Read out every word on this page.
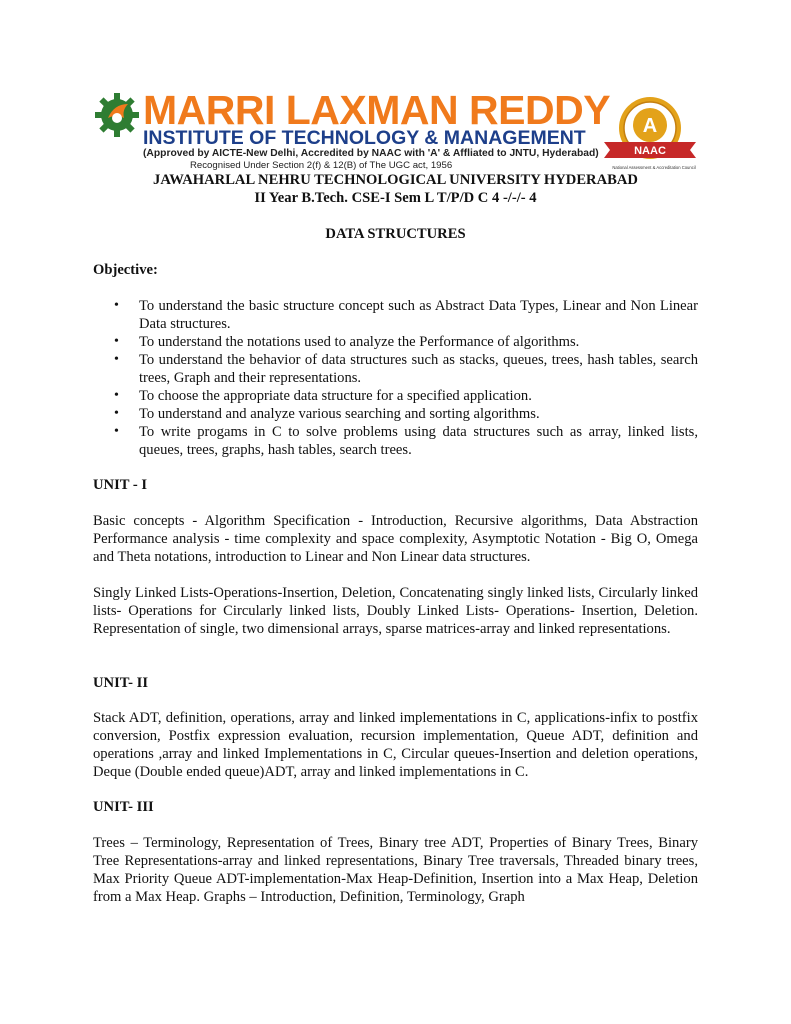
MARRI LAXMAN REDDY
INSTITUTE OF TECHNOLOGY & MANAGEMENT
(Approved by AICTE-New Delhi, Accredited by NAAC with 'A' & Affliated to JNTU, Hyderabad)
Recognised Under Section 2(f) & 12(B) of The UGC act, 1956
A
NAAC
National Assessment & Accreditation Council
JAWAHARLAL NEHRU TECHNOLOGICAL UNIVERSITY HYDERABAD
II Year B.Tech. CSE-I Sem L T/P/D C 4 -/-/- 4
DATA STRUCTURES
Objective:
• To understand the basic structure concept such as Abstract Data Types, Linear and Non Linear Data structures.
• To understand the notations used to analyze the Performance of algorithms.
• To understand the behavior of data structures such as stacks, queues, trees, hash tables, search trees, Graph and their representations.
• To choose the appropriate data structure for a specified application.
• To understand and analyze various searching and sorting algorithms.
• To write progams in C to solve problems using data structures such as array, linked lists, queues, trees, graphs, hash tables, search trees.
UNIT - I

Basic concepts - Algorithm Specification - Introduction, Recursive algorithms, Data Abstraction Performance analysis - time complexity and space complexity, Asymptotic Notation - Big O, Omega and Theta notations, introduction to Linear and Non Linear data structures.

Singly Linked Lists-Operations-Insertion, Deletion, Concatenating singly linked lists, Circularly linked lists- Operations for Circularly linked lists, Doubly Linked Lists- Operations- Insertion, Deletion. Representation of single, two dimensional arrays, sparse matrices-array and linked representations.

UNIT- II

Stack ADT, definition, operations, array and linked implementations in C, applications-infix to postfix conversion, Postfix expression evaluation, recursion implementation, Queue ADT, definition and operations ,array and linked Implementations in C, Circular queues-Insertion and deletion operations, Deque (Double ended queue)ADT, array and linked implementations in C.

UNIT- III

Trees – Terminology, Representation of Trees, Binary tree ADT, Properties of Binary Trees, Binary Tree Representations-array and linked representations, Binary Tree traversals, Threaded binary trees, Max Priority Queue ADT-implementation-Max Heap-Definition, Insertion into a Max Heap, Deletion from a Max Heap. Graphs – Introduction, Definition, Terminology, Graph
